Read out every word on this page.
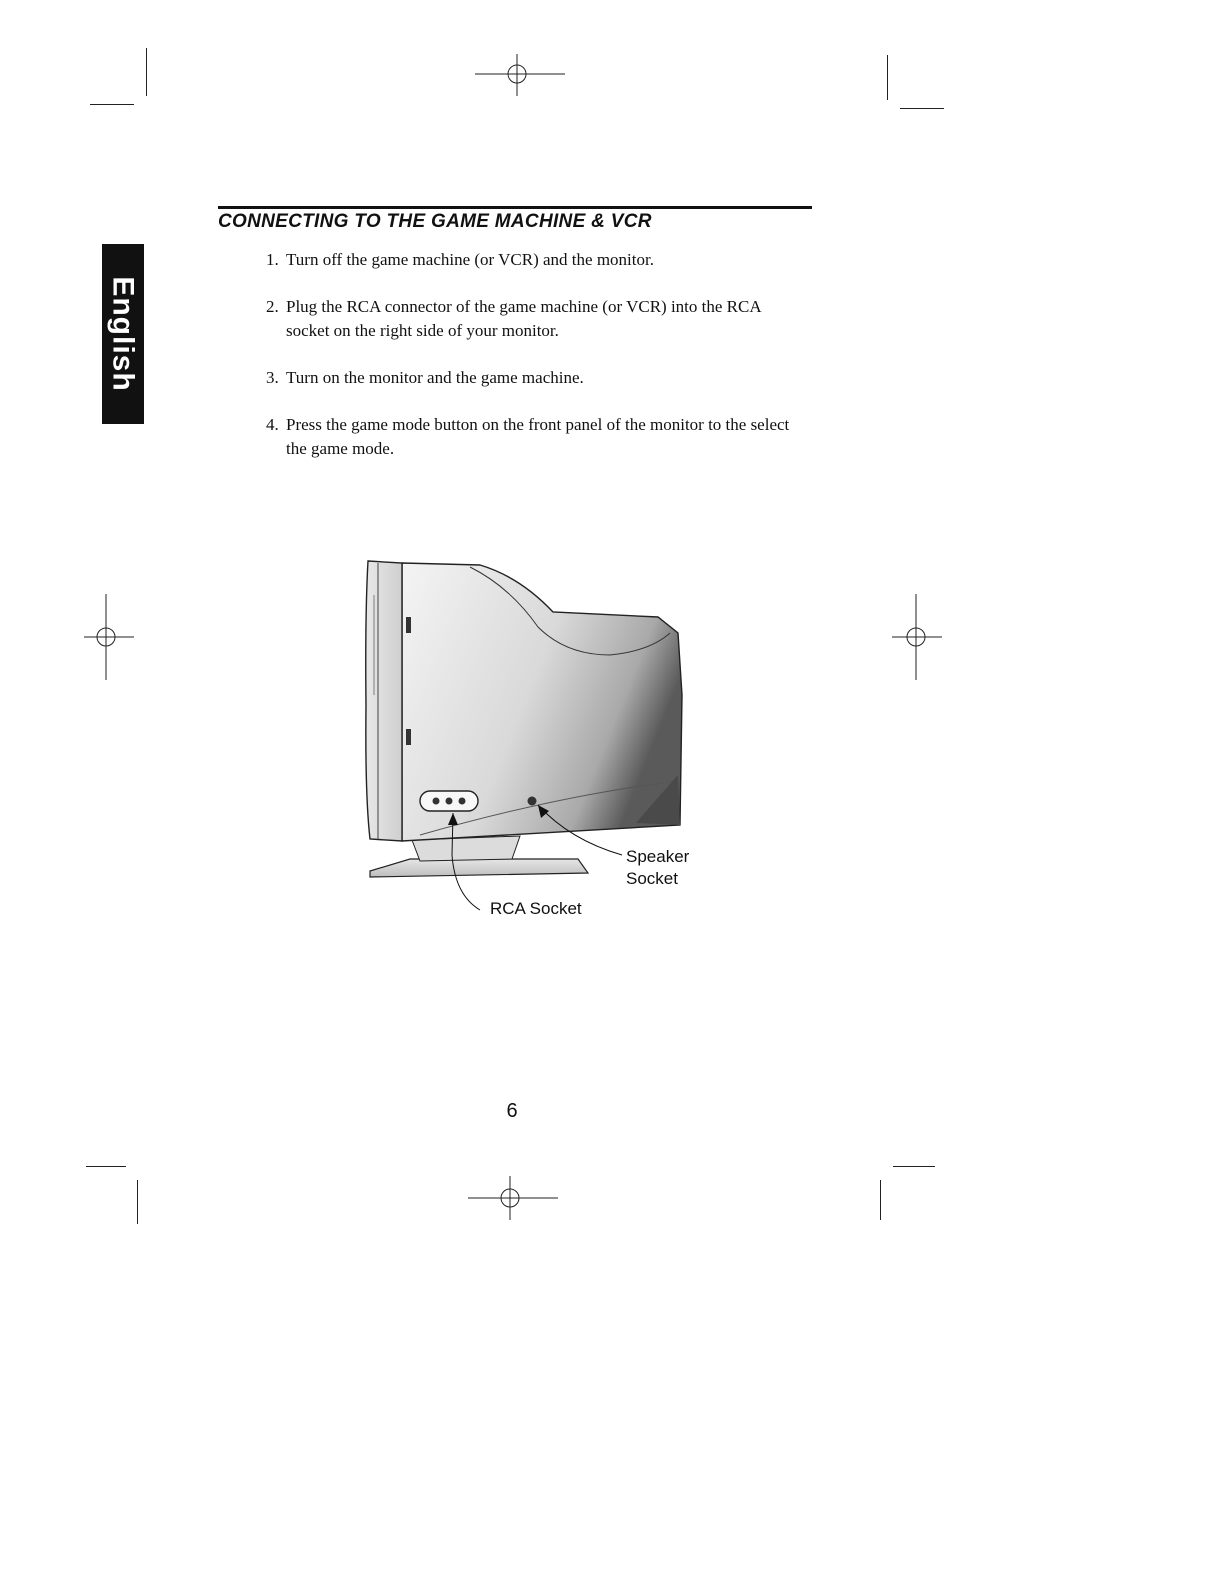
English
CONNECTING TO THE GAME MACHINE & VCR
1. Turn off the game machine (or VCR) and the monitor.
2. Plug the RCA connector of the game machine (or VCR) into the RCA socket on the right side of your monitor.
3. Turn on the monitor and the game machine.
4. Press the game mode button on the front panel of the monitor to the select the game mode.
Speaker
Socket
RCA Socket
6
